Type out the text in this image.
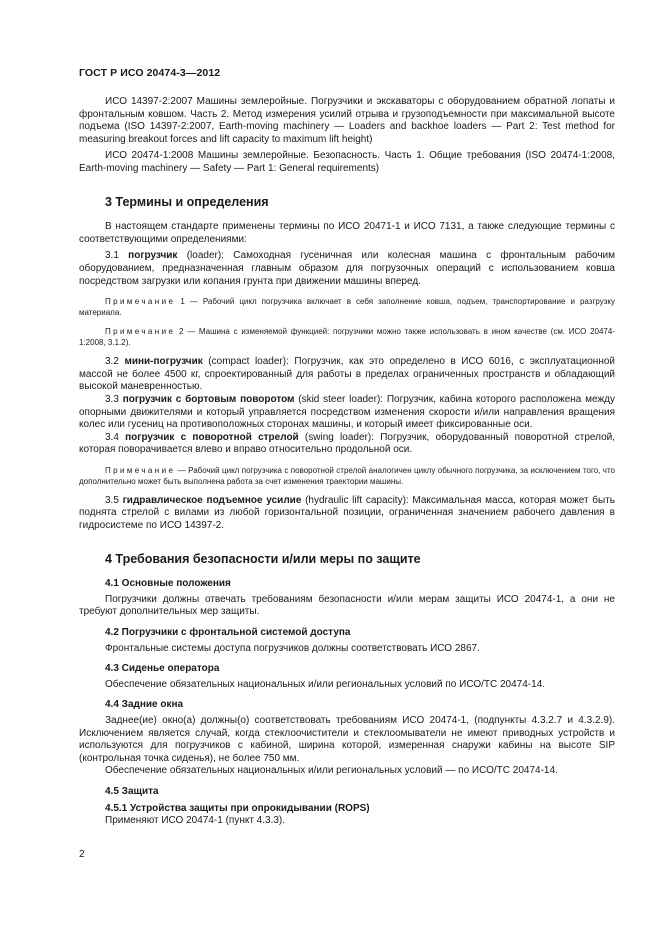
ГОСТ Р ИСО 20474-3—2012

ИСО 14397-2:2007 Машины землеройные. Погрузчики и экскаваторы с оборудованием обратной лопаты и фронтальным ковшом. Часть 2. Метод измерения усилий отрыва и грузоподъемности при максимальной высоте подъема (ISO 14397-2:2007, Earth-moving machinery — Loaders and backhoe loaders — Part 2: Test method for measuring breakout forces and lift capacity to maximum lift height)

ИСО 20474-1:2008 Машины землеройные. Безопасность. Часть 1. Общие требования (ISO 20474-1:2008, Earth-moving machinery — Safety — Part 1: General requirements)

3 Термины и определения

В настоящем стандарте применены термины по ИСО 20471-1 и ИСО 7131, а также следующие термины с соответствующими определениями:

3.1 погрузчик (loader): Самоходная гусеничная или колесная машина с фронтальным рабочим оборудованием, предназначенная главным образом для погрузочных операций с использованием ковша посредством загрузки или копания грунта при движении машины вперед.

Примечание 1 — Рабочий цикл погрузчика включает в себя заполнение ковша, подъем, транспортирование и разгрузку материала.

Примечание 2 — Машина с изменяемой функцией: погрузчики можно также использовать в ином качестве (см. ИСО 20474-1:2008, 3.1.2).

3.2 мини-погрузчик (compact loader): Погрузчик, как это определено в ИСО 6016, с эксплуатационной массой не более 4500 кг, спроектированный для работы в пределах ограниченных пространств и обладающий высокой маневренностью.

3.3 погрузчик с бортовым поворотом (skid steer loader): Погрузчик, кабина которого расположена между опорными движителями и который управляется посредством изменения скорости и/или направления вращения колес или гусениц на противоположных сторонах машины, и который имеет фиксированные оси.

3.4 погрузчик с поворотной стрелой (swing loader): Погрузчик, оборудованный поворотной стрелой, которая поворачивается влево и вправо относительно продольной оси.

Примечание — Рабочий цикл погрузчика с поворотной стрелой аналогичен циклу обычного погрузчика, за исключением того, что дополнительно может быть выполнена работа за счет изменения траектории машины.

3.5 гидравлическое подъемное усилие (hydraulic lift capacity): Максимальная масса, которая может быть поднята стрелой с вилами из любой горизонтальной позиции, ограниченная значением рабочего давления в гидросистеме по ИСО 14397-2.

4 Требования безопасности и/или меры по защите
4.1 Основные положения

Погрузчики должны отвечать требованиям безопасности и/или мерам защиты ИСО 20474-1, а они не требуют дополнительных мер защиты.

4.2 Погрузчики с фронтальной системой доступа

Фронтальные системы доступа погрузчиков должны соответствовать ИСО 2867.

4.3 Сиденье оператора

Обеспечение обязательных национальных и/или региональных условий по ИСО/ТС 20474-14.

4.4 Задние окна

Заднее(ие) окно(а) должны(о) соответствовать требованиям ИСО 20474-1, (подпункты 4.3.2.7 и 4.3.2.9). Исключением является случай, когда стеклоочистители и стеклоомыватели не имеют приводных устройств и используются для погрузчиков с кабиной, ширина которой, измеренная снаружи кабины на высоте SIP (контрольная точка сиденья), не более 750 мм.

Обеспечение обязательных национальных и/или региональных условий — по ИСО/ТС 20474-14.

4.5 Защита
4.5.1 Устройства защиты при опрокидывании (ROPS)

Применяют ИСО 20474-1 (пункт 4.3.3).

2
